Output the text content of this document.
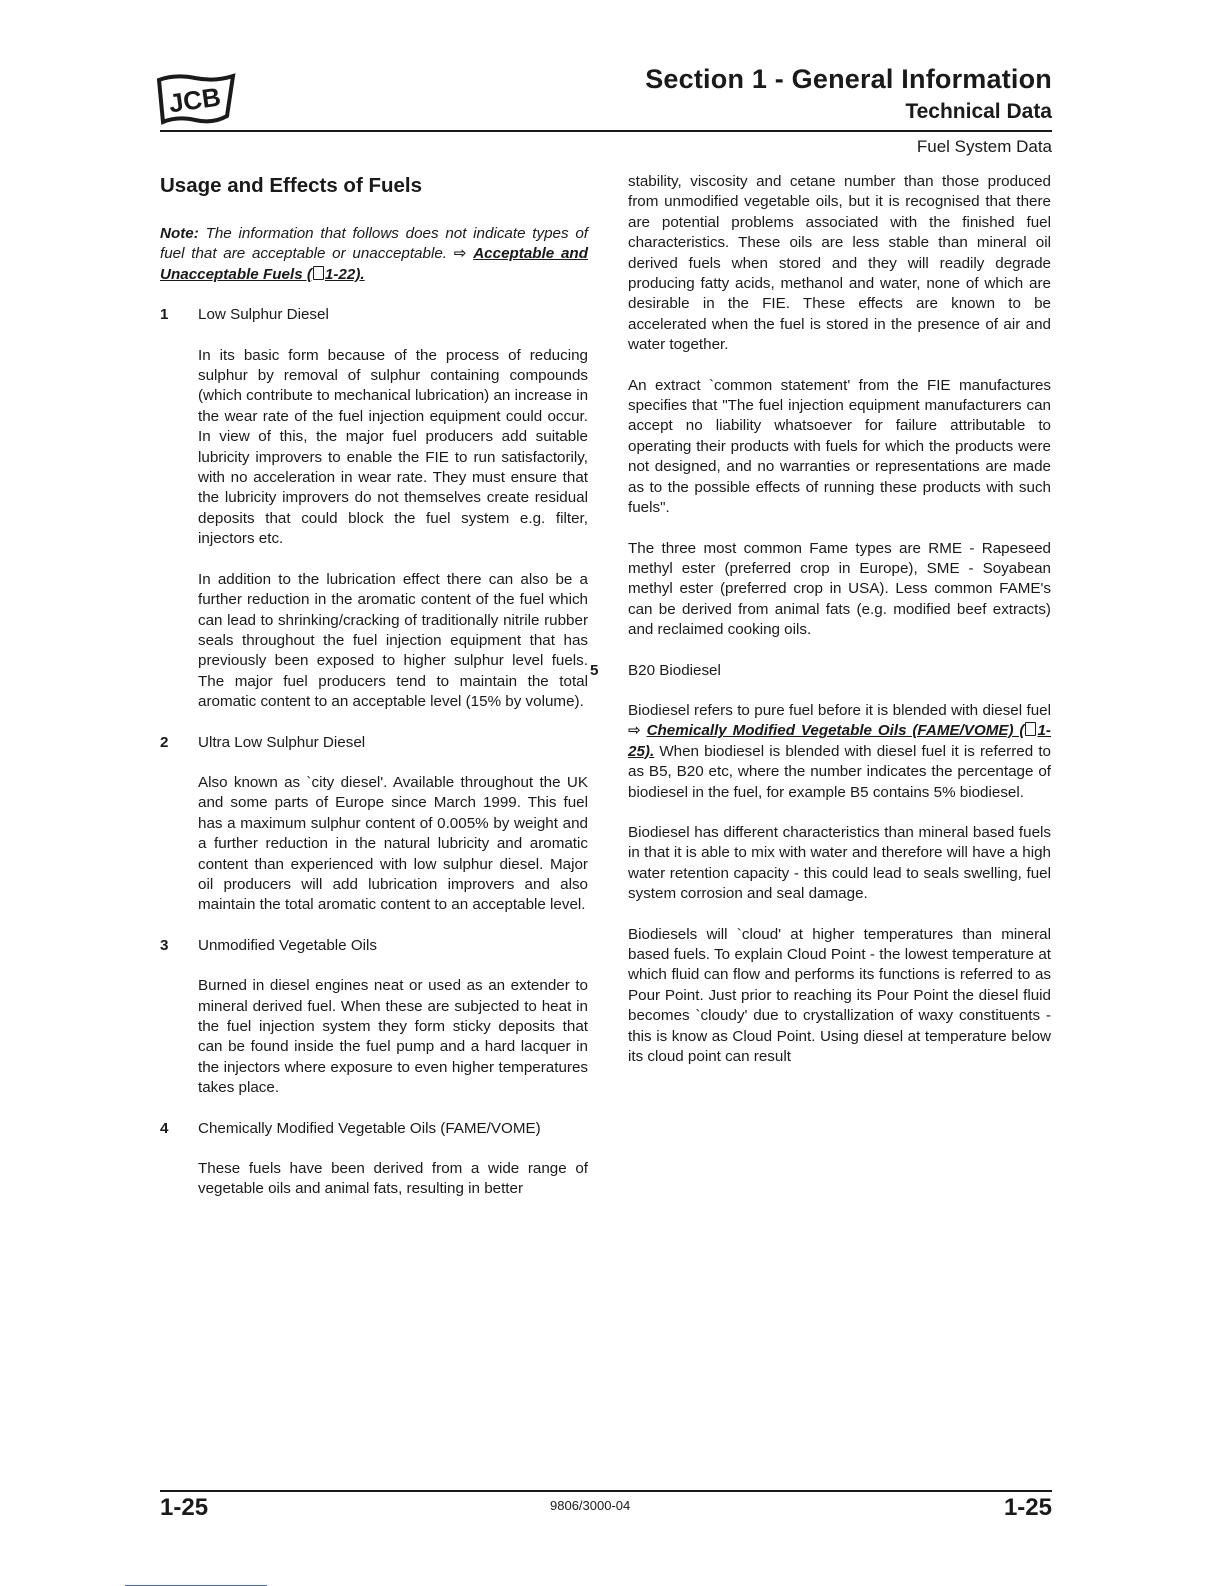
JCB
Section 1 - General Information
Technical Data
Fuel System Data
Usage and Effects of Fuels

Note: The information that follows does not indicate types of fuel that are acceptable or unacceptable. ⇨ Acceptable and Unacceptable Fuels ( 1-22).

1 Low Sulphur Diesel

In its basic form because of the process of reducing sulphur by removal of sulphur containing compounds (which contribute to mechanical lubrication) an increase in the wear rate of the fuel injection equipment could occur. In view of this, the major fuel producers add suitable lubricity improvers to enable the FIE to run satisfactorily, with no acceleration in wear rate. They must ensure that the lubricity improvers do not themselves create residual deposits that could block the fuel system e.g. filter, injectors etc.

In addition to the lubrication effect there can also be a further reduction in the aromatic content of the fuel which can lead to shrinking/cracking of traditionally nitrile rubber seals throughout the fuel injection equipment that has previously been exposed to higher sulphur level fuels. The major fuel producers tend to maintain the total aromatic content to an acceptable level (15% by volume).

2 Ultra Low Sulphur Diesel

Also known as `city diesel'. Available throughout the UK and some parts of Europe since March 1999. This fuel has a maximum sulphur content of 0.005% by weight and a further reduction in the natural lubricity and aromatic content than experienced with low sulphur diesel. Major oil producers will add lubrication improvers and also maintain the total aromatic content to an acceptable level.

3 Unmodified Vegetable Oils

Burned in diesel engines neat or used as an extender to mineral derived fuel. When these are subjected to heat in the fuel injection system they form sticky deposits that can be found inside the fuel pump and a hard lacquer in the injectors where exposure to even higher temperatures takes place.

4 Chemically Modified Vegetable Oils (FAME/VOME)

These fuels have been derived from a wide range of vegetable oils and animal fats, resulting in better

stability, viscosity and cetane number than those produced from unmodified vegetable oils, but it is recognised that there are potential problems associated with the finished fuel characteristics. These oils are less stable than mineral oil derived fuels when stored and they will readily degrade producing fatty acids, methanol and water, none of which are desirable in the FIE. These effects are known to be accelerated when the fuel is stored in the presence of air and water together.

An extract `common statement' from the FIE manufactures specifies that "The fuel injection equipment manufacturers can accept no liability whatsoever for failure attributable to operating their products with fuels for which the products were not designed, and no warranties or representations are made as to the possible effects of running these products with such fuels".

The three most common Fame types are RME - Rapeseed methyl ester (preferred crop in Europe), SME - Soyabean methyl ester (preferred crop in USA). Less common FAME's can be derived from animal fats (e.g. modified beef extracts) and reclaimed cooking oils.

5 B20 Biodiesel

Biodiesel refers to pure fuel before it is blended with diesel fuel ⇨ Chemically Modified Vegetable Oils (FAME/VOME) ( 1-25). When biodiesel is blended with diesel fuel it is referred to as B5, B20 etc, where the number indicates the percentage of biodiesel in the fuel, for example B5 contains 5% biodiesel.

Biodiesel has different characteristics than mineral based fuels in that it is able to mix with water and therefore will have a high water retention capacity - this could lead to seals swelling, fuel system corrosion and seal damage.

Biodiesels will `cloud' at higher temperatures than mineral based fuels. To explain Cloud Point - the lowest temperature at which fluid can flow and performs its functions is referred to as Pour Point. Just prior to reaching its Pour Point the diesel fluid becomes `cloudy' due to crystallization of waxy constituents - this is know as Cloud Point. Using diesel at temperature below its cloud point can result

1-25	9806/3000-04	1-25
